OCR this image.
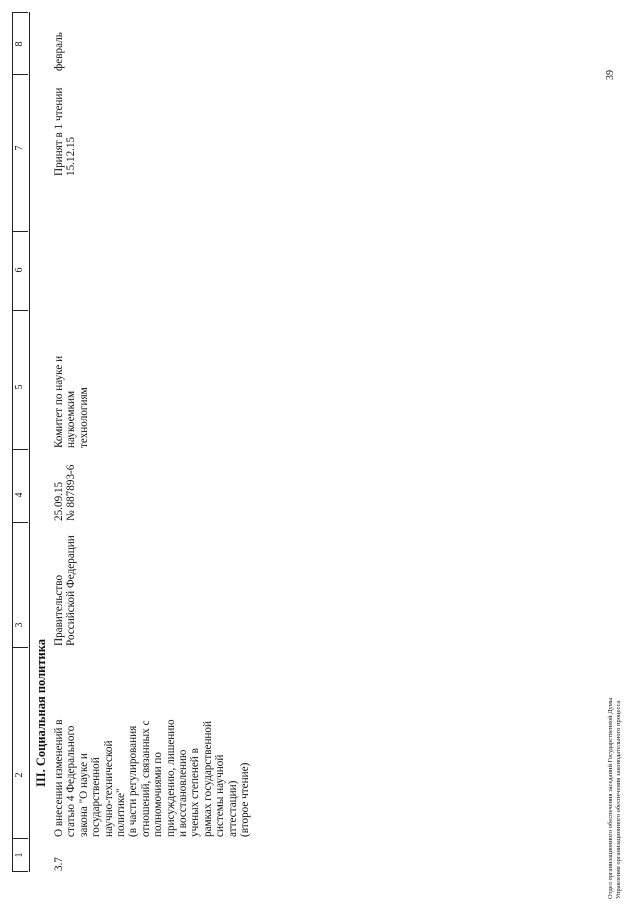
1
2
3
4
5
6
7
8
III. Социальная политика
3.7
О внесении изменений в
статью 4 Федерального
закона "О науке и
государственной
научно-технической
политике"
(в части регулирования
отношений, связанных с
полномочиями по
присуждению, лишению
и восстановлению
ученых степеней в
рамках государственной
системы научной
аттестации)
(второе чтение)
Правительство
Российской Федерации
25.09.15
№ 887893-6
Комитет по науке и
наукоемким
технологиям
Принят в 1 чтении
15.12.15
февраль
39
Отдел организационного обеспечения заседаний Государственной Думы Управления организационного обеспечения законодательного процесса
